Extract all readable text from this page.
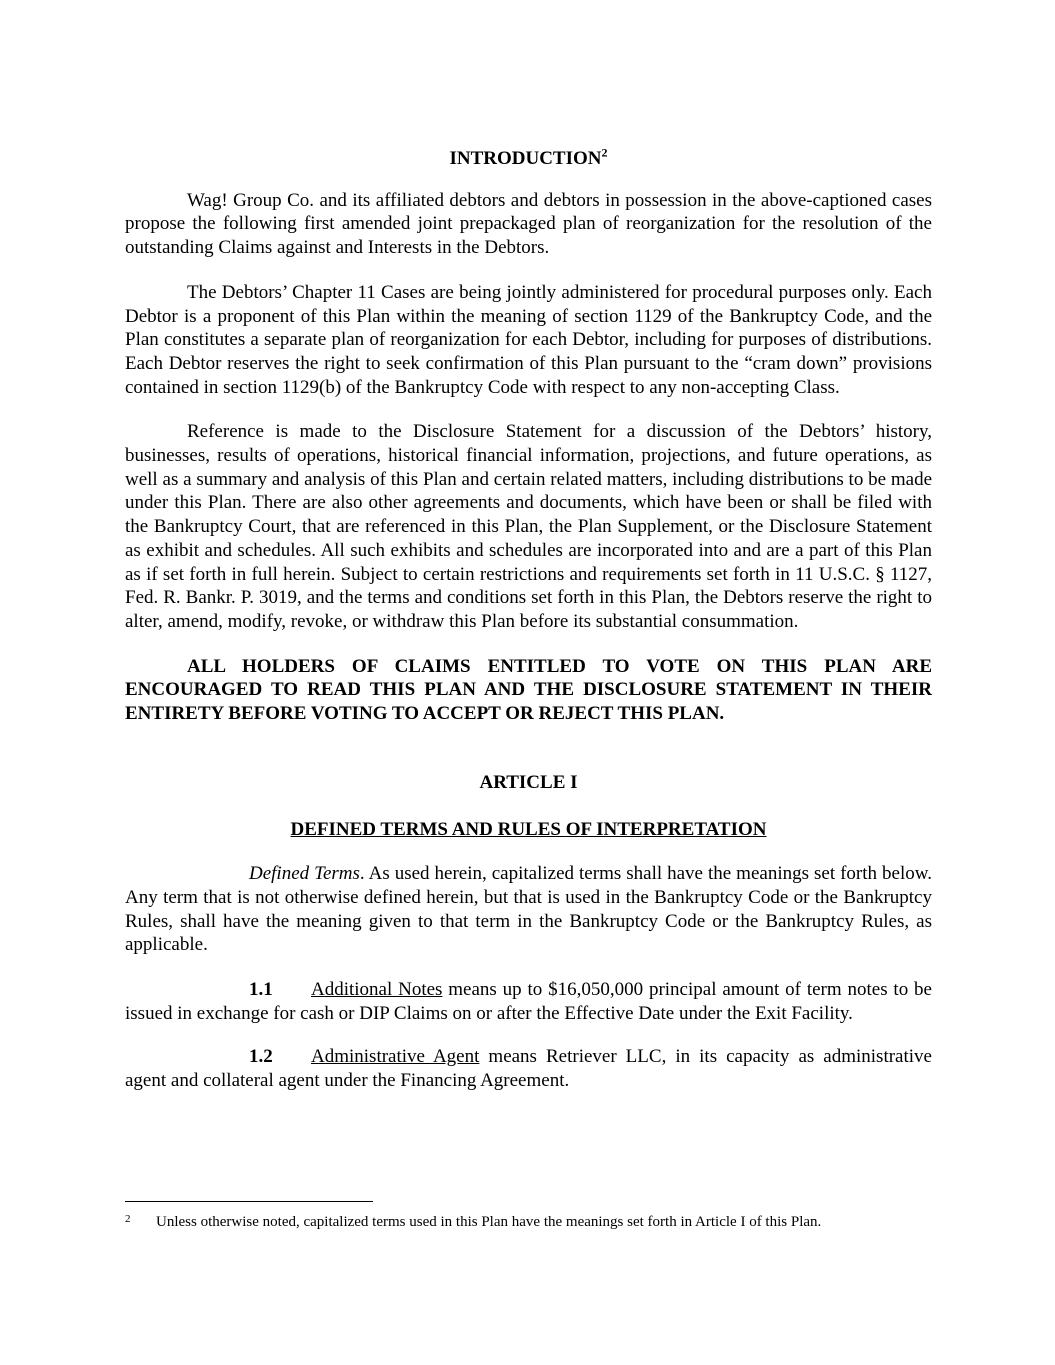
INTRODUCTION$^2$

Wag! Group Co. and its affiliated debtors and debtors in possession in the above-captioned cases propose the following first amended joint prepackaged plan of reorganization for the resolution of the outstanding Claims against and Interests in the Debtors.

The Debtors’ Chapter 11 Cases are being jointly administered for procedural purposes only. Each Debtor is a proponent of this Plan within the meaning of section 1129 of the Bankruptcy Code, and the Plan constitutes a separate plan of reorganization for each Debtor, including for purposes of distributions. Each Debtor reserves the right to seek confirmation of this Plan pursuant to the “cram down” provisions contained in section 1129(b) of the Bankruptcy Code with respect to any non-accepting Class.

Reference is made to the Disclosure Statement for a discussion of the Debtors’ history, businesses, results of operations, historical financial information, projections, and future operations, as well as a summary and analysis of this Plan and certain related matters, including distributions to be made under this Plan. There are also other agreements and documents, which have been or shall be filed with the Bankruptcy Court, that are referenced in this Plan, the Plan Supplement, or the Disclosure Statement as exhibit and schedules. All such exhibits and schedules are incorporated into and are a part of this Plan as if set forth in full herein. Subject to certain restrictions and requirements set forth in 11 U.S.C. § 1127, Fed. R. Bankr. P. 3019, and the terms and conditions set forth in this Plan, the Debtors reserve the right to alter, amend, modify, revoke, or withdraw this Plan before its substantial consummation.

ALL HOLDERS OF CLAIMS ENTITLED TO VOTE ON THIS PLAN ARE ENCOURAGED TO READ THIS PLAN AND THE DISCLOSURE STATEMENT IN THEIR ENTIRETY BEFORE VOTING TO ACCEPT OR REJECT THIS PLAN.

ARTICLE I

DEFINED TERMS AND RULES OF INTERPRETATION

Defined Terms. As used herein, capitalized terms shall have the meanings set forth below. Any term that is not otherwise defined herein, but that is used in the Bankruptcy Code or the Bankruptcy Rules, shall have the meaning given to that term in the Bankruptcy Code or the Bankruptcy Rules, as applicable.

1.1 Additional Notes means up to $16,050,000 principal amount of term notes to be issued in exchange for cash or DIP Claims on or after the Effective Date under the Exit Facility.

1.2 Administrative Agent means Retriever LLC, in its capacity as administrative agent and collateral agent under the Financing Agreement.

2 Unless otherwise noted, capitalized terms used in this Plan have the meanings set forth in Article I of this Plan.
